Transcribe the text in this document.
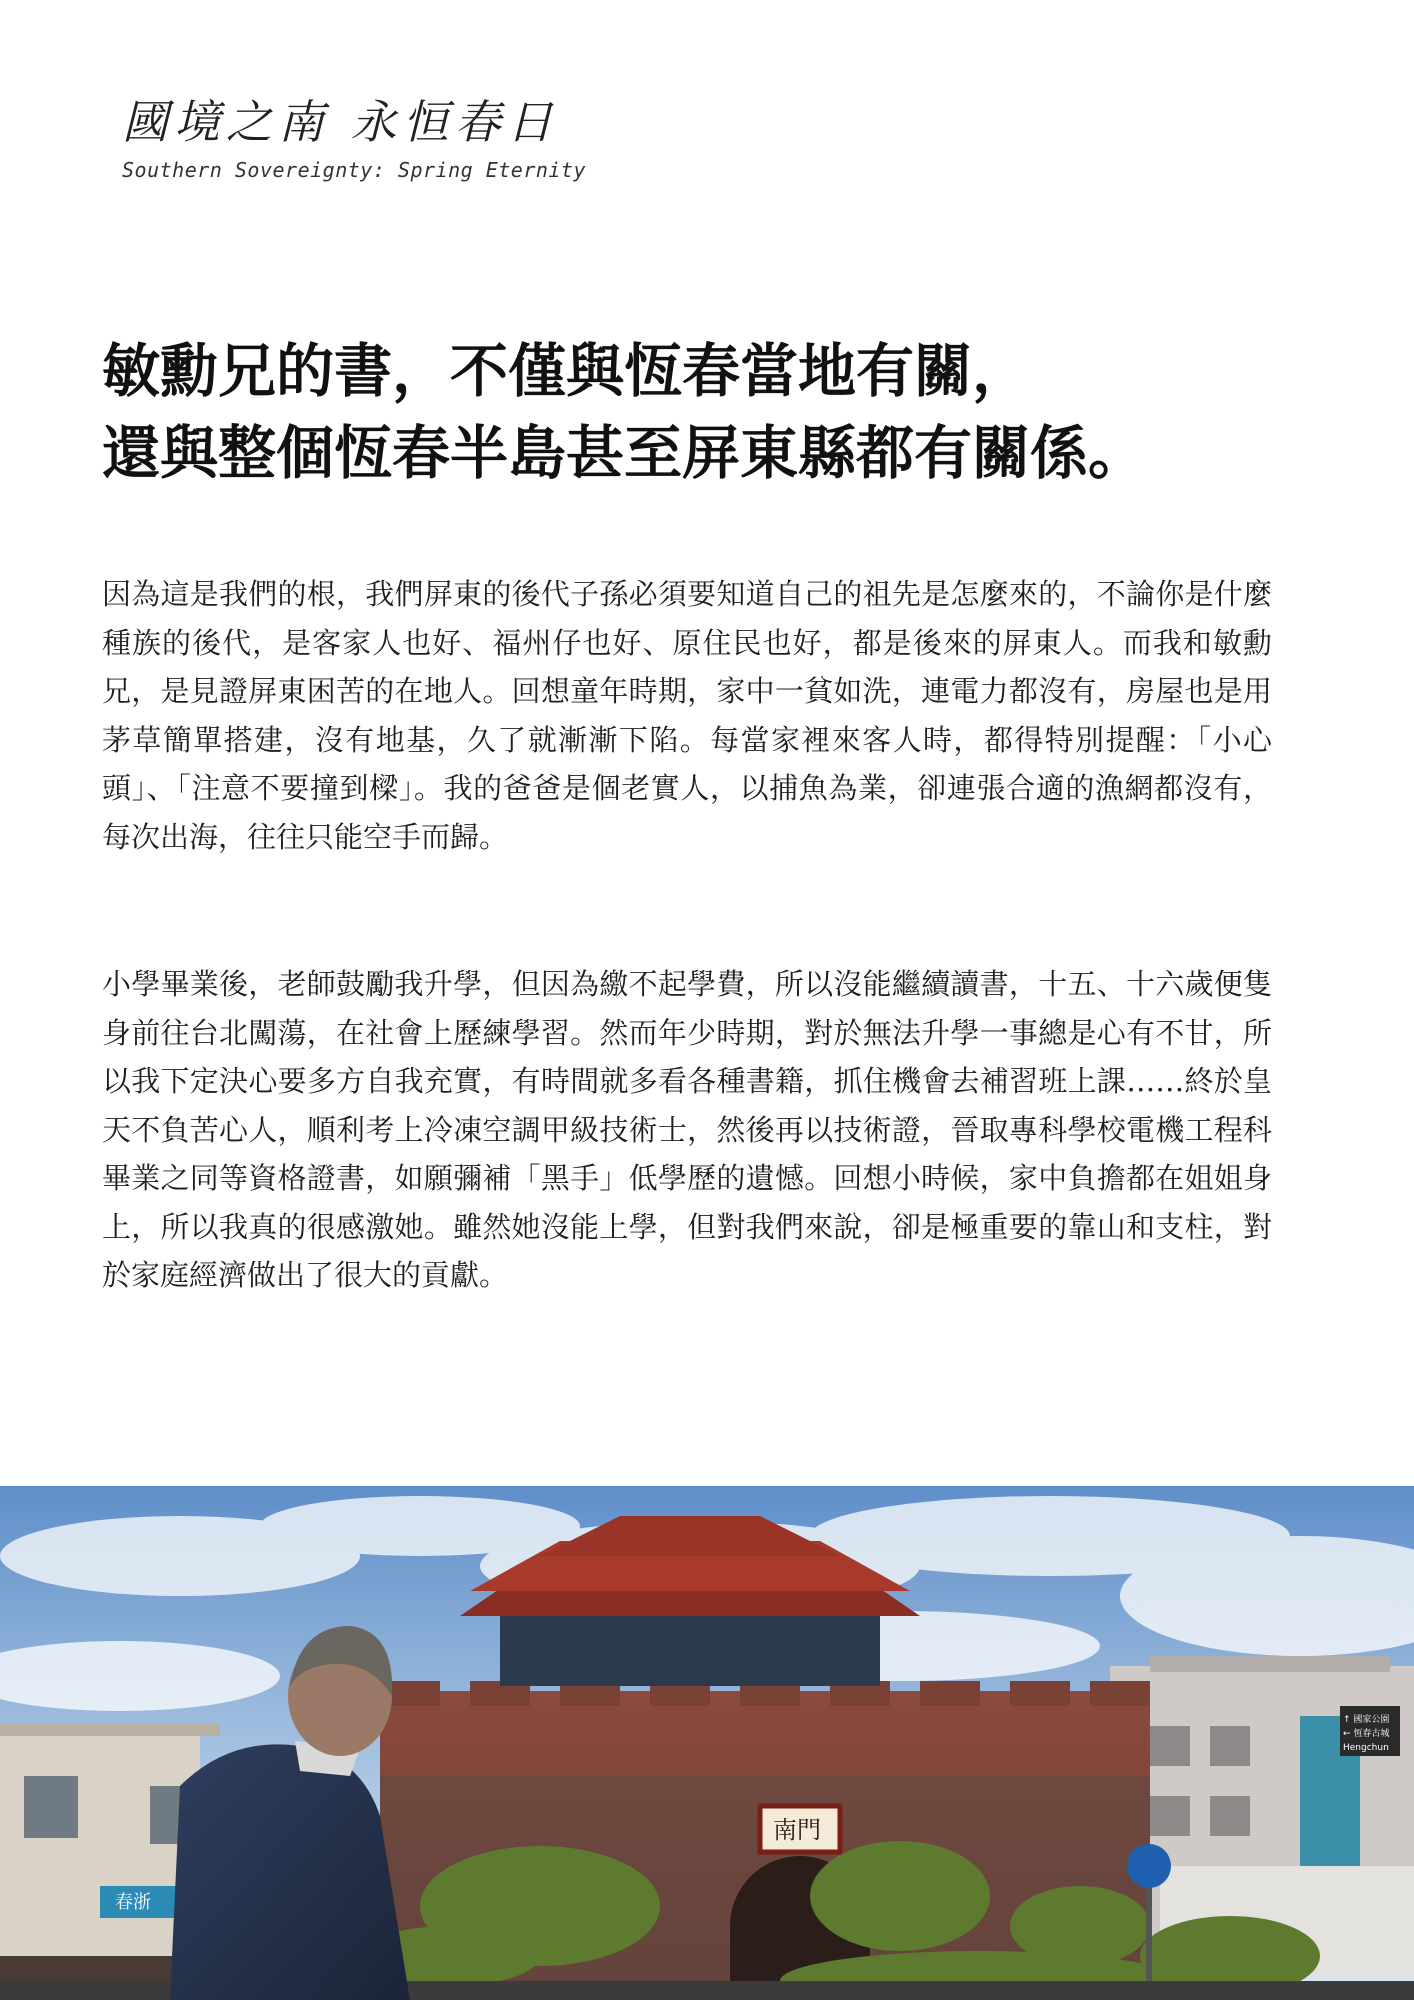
國境之南 永恒春日
Southern Sovereignty: Spring Eternity
敏勳兄的書，不僅與恆春當地有關，
還與整個恆春半島甚至屏東縣都有關係。
因為這是我們的根，我們屏東的後代子孫必須要知道自己的祖先是怎麼來的，不論你是什麼種族的後代，是客家人也好、福州仔也好、原住民也好，都是後來的屏東人。而我和敏勳兄，是見證屏東困苦的在地人。回想童年時期，家中一貧如洗，連電力都沒有，房屋也是用茅草簡單搭建，沒有地基，久了就漸漸下陷。每當家裡來客人時，都得特別提醒：「小心頭」、「注意不要撞到樑」。我的爸爸是個老實人，以捕魚為業，卻連張合適的漁網都沒有，每次出海，往往只能空手而歸。
小學畢業後，老師鼓勵我升學，但因為繳不起學費，所以沒能繼續讀書，十五、十六歲便隻身前往台北闖蕩，在社會上歷練學習。然而年少時期，對於無法升學一事總是心有不甘，所以我下定決心要多方自我充實，有時間就多看各種書籍，抓住機會去補習班上課……終於皇天不負苦心人，順利考上冷凍空調甲級技術士，然後再以技術證，晉取專科學校電機工程科畢業之同等資格證書，如願彌補「黑手」低學歷的遺憾。回想小時候，家中負擔都在姐姐身上，所以我真的很感激她。雖然她沒能上學，但對我們來說，卻是極重要的靠山和支柱，對於家庭經濟做出了很大的貢獻。
春浙
↑ 國家公園
← 恆春古城
Hengchun
南門
